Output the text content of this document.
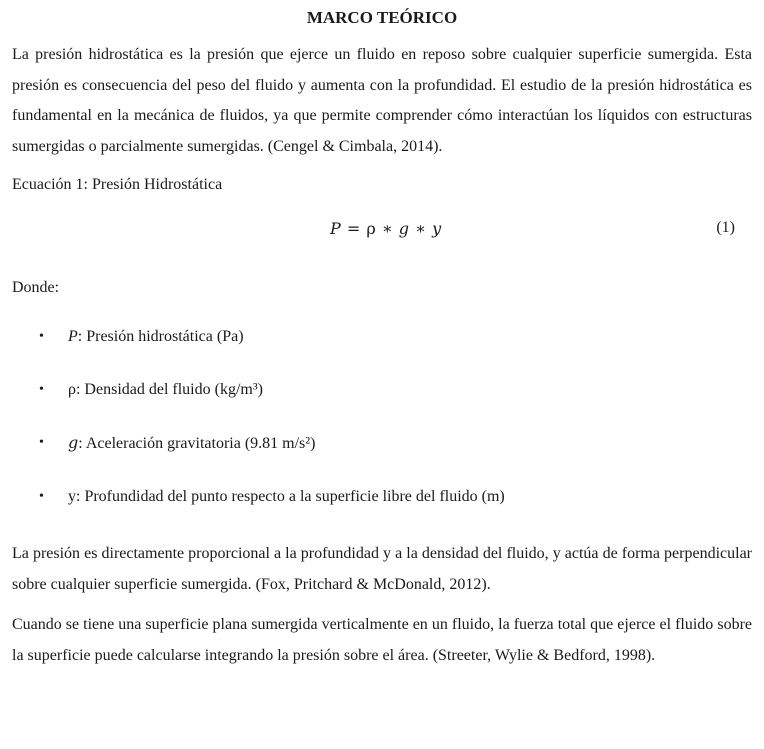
MARCO TEÓRICO

La presión hidrostática es la presión que ejerce un fluido en reposo sobre cualquier superficie sumergida. Esta presión es consecuencia del peso del fluido y aumenta con la profundidad. El estudio de la presión hidrostática es fundamental en la mecánica de fluidos, ya que permite comprender cómo interactúan los líquidos con estructuras sumergidas o parcialmente sumergidas. (Cengel & Cimbala, 2014).

Ecuación 1: Presión Hidrostática
P = ρ ∗ g ∗ y	(1)
Donde:
• P: Presión hidrostática (Pa)
• ρ: Densidad del fluido (kg/m³)
• g: Aceleración gravitatoria (9.81 m/s²)
• y: Profundidad del punto respecto a la superficie libre del fluido (m)

La presión es directamente proporcional a la profundidad y a la densidad del fluido, y actúa de forma perpendicular sobre cualquier superficie sumergida. (Fox, Pritchard & McDonald, 2012).

Cuando se tiene una superficie plana sumergida verticalmente en un fluido, la fuerza total que ejerce el fluido sobre la superficie puede calcularse integrando la presión sobre el área. (Streeter, Wylie & Bedford, 1998).
